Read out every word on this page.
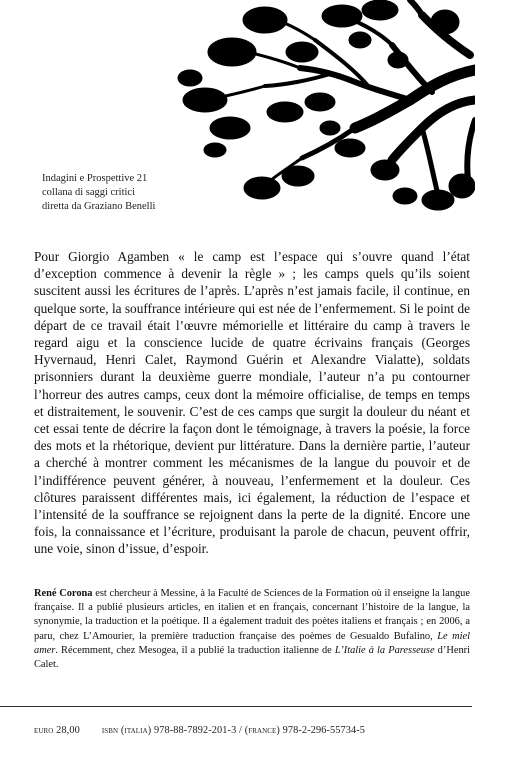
Indagini e Prospettive 21
collana di saggi critici
diretta da Graziano Benelli
Pour Giorgio Agamben « le camp est l’espace qui s’ouvre quand l’état d’exception commence à devenir la règle » ; les camps quels qu’ils soient suscitent aussi les écritures de l’après. L’après n’est jamais facile, il continue, en quelque sorte, la souffrance intérieure qui est née de l’enfermement. Si le point de départ de ce travail était l’œuvre mémorielle et littéraire du camp à travers le regard aigu et la conscience lucide de quatre écrivains français (Georges Hyvernaud, Henri Calet, Raymond Guérin et Alexandre Vialatte), soldats prisonniers durant la deuxième guerre mondiale, l’auteur n’a pu contourner l’horreur des autres camps, ceux dont la mémoire officialise, de temps en temps et distraitement, le souvenir. C’est de ces camps que surgit la douleur du néant et cet essai tente de décrire la façon dont le témoignage, à travers la poésie, la force des mots et la rhétorique, devient pur littérature. Dans la dernière partie, l’auteur a cherché à montrer comment les mécanismes de la langue du pouvoir et de l’indifférence peuvent générer, à nouveau, l’enfermement et la douleur. Ces clôtures paraissent différentes mais, ici également, la réduction de l’espace et l’intensité de la souffrance se rejoignent dans la perte de la dignité. Encore une fois, la connaissance et l’écriture, produisant la parole de chacun, peuvent offrir, une voie, sinon d’issue, d’espoir.
René Corona est chercheur à Messine, à la Faculté de Sciences de la Formation où il enseigne la langue française. Il a publié plusieurs articles, en italien et en français, concernant l’histoire de la langue, la synonymie, la traduction et la poétique. Il a également traduit des poètes italiens et français ; en 2006, a paru, chez L’Amourier, la première traduction française des poèmes de Gesualdo Bufalino, Le miel amer. Récemment, chez Mesogea, il a publié la traduction italienne de L’Italie à la Paresseuse d’Henri Calet.
euro 28,00 isbn (italia) 978-88-7892-201-3 / (france) 978-2-296-55734-5
